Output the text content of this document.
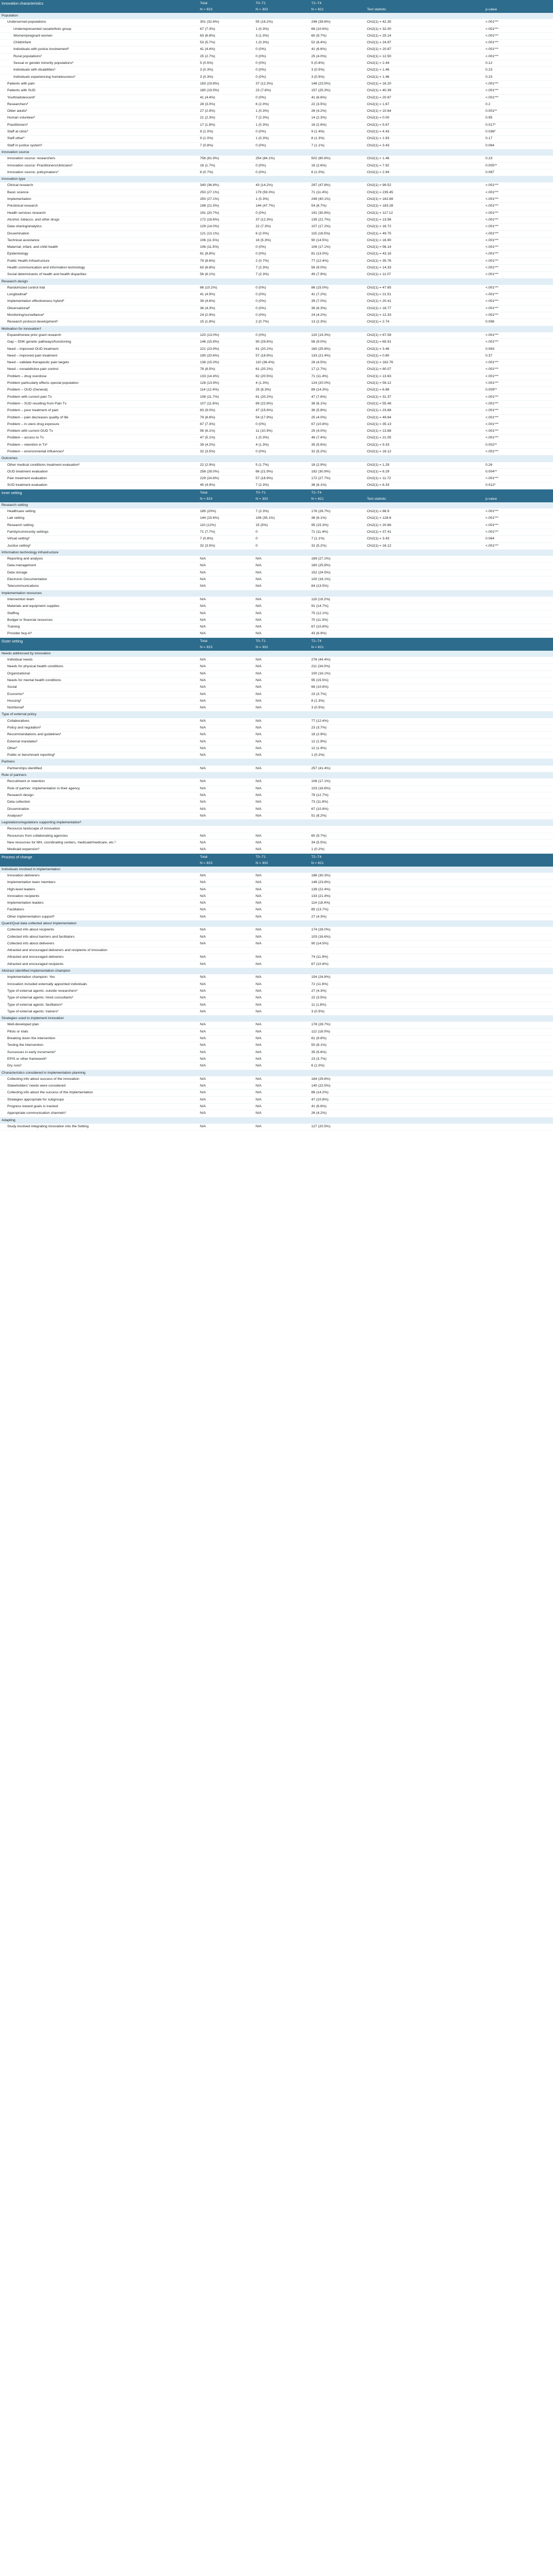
Innovation characteristics	Total	T0–T1	T2–T4		
	N = 923	N = 302	N = 621	Test statistic	p-value
Population					
Underserved populations	301 (32.6%)	55 (18.2%)	246 (39.6%)	Chi2(1) = 42.35	<.001***
Underrepresented racial/ethnic group	67 (7.3%)	1 (0.3%)	66 (10.6%)	Chi2(1) = 32.00	<.001***
Women/pregnant women	63 (6.8%)	3 (1.0%)	60 (9.7%)	Chi2(1) = 25.14	<.001***
Child/infant	53 (5.7%)	1 (0.3%)	52 (8.4%)	Chi2(1) = 24.97	<.001***
Individuals with justice involvement¹	41 (4.4%)	0 (0%)	41 (6.6%)	Chi2(1) = 20.87	<.001***
Rural populations¹	25 (2.7%)	0 (0%)	25 (4.0%)	Chi2(1) = 12.50	<.001***
Sexual or gender minority populations¹	5 (0.5%)	0 (0%)	5 (0.8%)	Chi2(1) = 2.44	0.12
Individuals with disabilities¹	3 (0.3%)	0 (0%)	3 (0.5%)	Chi2(1) = 1.46	0.23
Individuals experiencing homelessness¹	3 (0.3%)	0 (0%)	3 (0.5%)	Chi2(1) = 1.46	0.23
Patients with pain	183 (19.8%)	37 (12.3%)	146 (23.5%)	Chi2(1) = 16.20	<.001***
Patients with SUD	180 (19.5%)	23 (7.6%)	157 (25.3%)	Chi2(1) = 40.39	<.001***
Youth/adolescent¹	41 (4.4%)	0 (0%)	41 (6.6%)	Chi2(1) = 20.87	<.001***
Researchers¹	28 (3.0%)	6 (2.0%)	22 (3.5%)	Chi2(1) = 1.67	0.2
Older adults¹	27 (2.9%)	1 (0.3%)	26 (4.2%)	Chi2(1) = 10.64	0.001**
Human volunteer¹	21 (2.3%)	7 (2.3%)	14 (2.3%)	Chi2(1) = 0.00	0.95
Practitioners¹	17 (1.8%)	1 (0.3%)	16 (2.6%)	Chi2(1) = 5.67	0.017*
Staff at clinic¹	9 (1.0%)	0 (0%)	9 (1.4%)	Chi2(1) = 4.43	0.036*
Staff other¹	9 (1.0%)	1 (0.3%)	8 (1.3%)	Chi2(1) = 1.93	0.17
Staff in justice system¹	7 (0.8%)	0 (0%)	7 (1.1%)	Chi2(1) = 3.43	0.064
Innovation source					
Innovation source: researchers	756 (81.9%)	254 (84.1%)	502 (80.8%)	Chi2(1) = 1.46	0.23
Innovation source: Practitioners/clinicians¹	16 (1.7%)	0 (0%)	16 (2.6%)	Chi2(1) = 7.92	0.005**
Innovation source: policymakers¹	6 (0.7%)	0 (0%)	6 (1.0%)	Chi2(1) = 2.94	0.087
Innovation type					
Clinical research	340 (36.8%)	43 (14.2%)	297 (47.8%)	Chi2(1) = 99.52	<.001***
Basic science	250 (27.1%)	179 (59.3%)	71 (11.4%)	Chi2(1) = 235.45	<.001***
Implementation	250 (27.1%)	1 (0.3%)	249 (40.1%)	Chi2(1) = 162.69	<.001***
Preclinical research	198 (21.5%)	144 (47.7%)	54 (8.7%)	Chi2(1) = 183.28	<.001***
Health services research	191 (20.7%)	0 (0%)	191 (30.8%)	Chi2(1) = 117.12	<.001***
Alcohol, tobacco, and other drugs	172 (18.6%)	37 (12.3%)	135 (21.7%)	Chi2(1) = 13.56	<.001***
Data sharing/analytics	129 (14.0%)	22 (7.3%)	107 (17.2%)	Chi2(1) = 16.72	<.001***
Dissemination	121 (13.1%)	6 (2.0%)	115 (18.5%)	Chi2(1) = 49.75	<.001***
Technical assistance	106 (11.5%)	16 (5.3%)	90 (14.5%)	Chi2(1) = 16.90	<.001***
Maternal, infant, and child health	106 (11.5%)	0 (0%)	106 (17.1%)	Chi2(1) = 56.14	<.001***
Epidemiology	81 (8.8%)	0 (0%)	81 (13.0%)	Chi2(1) = 43.16	<.001***
Public Health Infrastructure	79 (8.6%)	2 (0.7%)	77 (12.4%)	Chi2(1) = 35.76	<.001***
Health communication and information technology	63 (6.8%)	7 (2.3%)	56 (9.0%)	Chi2(1) = 14.33	<.001***
Social determinants of health and health disparities	56 (6.1%)	7 (2.3%)	49 (7.9%)	Chi2(1) = 11.07	<.001***
Research design					
Randomized control trial	86 (10.2%)	0 (0%)	86 (15.0%)	Chi2(1) = 47.65	<.001***
Longitudinal¹	41 (4.9%)	0 (0%)	41 (7.2%)	Chi2(1) = 21.51	<.001***
Implementation effectiveness hybrid¹	39 (4.6%)	0 (0%)	39 (7.0%)	Chi2(1) = 20.41	<.001***
Observational¹	36 (4.3%)	0 (0%)	36 (6.3%)	Chi2(1) = 18.77	<.001***
Monitoring/surveillance¹	24 (2.9%)	0 (0%)	24 (4.2%)	Chi2(1) = 12.33	<.001***
Research protocol development¹	15 (1.8%)	2 (0.7%)	13 (2.3%)	Chi2(1) = 2.74	0.098
Motivation for innovation†					
Expand/renew prior grant research	120 (13.0%)	0 (0%)	120 (19.3%)	Chi2(1) = 67.08	<.001***
Gap – DNK genetic pathways/functioning	146 (15.8%)	90 (29.8%)	56 (9.0%)	Chi2(1) = 65.91	<.001***
Need – improved OUD treatment	221 (23.9%)	61 (20.2%)	160 (25.8%)	Chi2(1) = 3.46	0.063
Need – improved pain treatment	190 (20.6%)	57 (18.9%)	133 (21.4%)	Chi2(1) = 0.80	0.37
Need – validate therapeutic pain targets	138 (15.0%)	110 (36.4%)	28 (4.5%)	Chi2(1) = 162.76	<.001***
Need – nonaddictive pain control	78 (8.5%)	61 (20.2%)	17 (2.7%)	Chi2(1) = 80.07	<.001***
Problem – drug overdose	133 (14.4%)	62 (20.5%)	71 (11.4%)	Chi2(1) = 13.63	<.001***
Problem particularly effects special population	128 (13.9%)	4 (1.3%)	124 (20.0%)	Chi2(1) = 59.12	<.001***
Problem – OUD (General)	114 (12.4%)	25 (8.3%)	89 (14.3%)	Chi2(1) = 6.88	0.009**
Problem with current pain Tx	108 (11.7%)	61 (20.2%)	47 (7.6%)	Chi2(1) = 31.37	<.001***
Problem – SUD resulting from Pain Tx	107 (11.6%)	69 (22.8%)	38 (6.1%)	Chi2(1) = 55.48	<.001***
Problem – poor treatment of pain	83 (9.0%)	47 (15.6%)	36 (5.8%)	Chi2(1) = 23.68	<.001***
Problem – pain decreases quality of life	79 (8.6%)	54 (17.9%)	25 (4.0%)	Chi2(1) = 49.64	<.001***
Problem – in utero drug exposure	67 (7.3%)	0 (0%)	67 (10.8%)	Chi2(1) = 35.13	<.001***
Problem with current OUD Tx	56 (6.1%)	11 (10.3%)	25 (4.0%)	Chi2(1) = 13.88	<.001***
Problem – access to Tx	47 (5.1%)	1 (0.3%)	46 (7.4%)	Chi2(1) = 21.05	<.001***
Problem – retention in Tx¹	39 (4.2%)	4 (1.3%)	35 (5.6%)	Chi2(1) = 9.33	0.002**
Problem – environmental influences¹	32 (3.5%)	0 (0%)	32 (5.2%)	Chi2(1) = 16.12	<.001***
Outcomes					
Other medical conditions treatment evaluation¹	22 (2.9%)	5 (1.7%)	18 (2.9%)	Chi2(1) = 1.29	0.26
OUD treatment evaluation	258 (28.0%)	66 (21.9%)	192 (30.9%)	Chi2(1) = 8.29	0.004**
Pain treatment evaluation	229 (24.8%)	57 (18.9%)	172 (27.7%)	Chi2(1) = 11.72	<.001***
SUD treatment evaluation	45 (4.9%)	7 (2.3%)	38 (6.1%)	Chi2(1) = 6.33	0.012*
Inner setting	Total	T0–T1	T2–T4		
	N = 923	N = 302	N = 621	Test statistic	p-value
Research setting					
Healthcare setting	185 (20%)	7 (2.3%)	178 (28.7%)	Chi2(1) = 88.9	<.001***
Lab setting	144 (15.6%)	106 (35.1%)	38 (6.1%)	Chi2(1) = 128.6	<.001***
Research setting	110 (12%)	15 (5%)	95 (15.3%)	Chi2(1) = 20.66	<.001***
Family/community settings	71 (7.7%)	0	71 (11.4%)	Chi2(1) = 37.41	<.001***
Virtual setting¹	7 (0.8%)	0	7 (1.1%)	Chi2(1) = 3.43	0.064
Justice setting¹	32 (3.5%)	0	32 (5.2%)	Chi2(1) = 16.12	<.001***
Information technology infrastructure					
Reporting and analysis	N/A	N/A	169 (27.2%)		
Data management	N/A	N/A	160 (25.8%)		
Data storage	N/A	N/A	152 (24.5%)		
Electronic Documentation	N/A	N/A	100 (16.1%)		
Telecommunications	N/A	N/A	84 (13.5%)		
Implementation resources					
Intervention team	N/A	N/A	119 (19.2%)		
Materials and equipment supplies	N/A	N/A	91 (14.7%)		
Staffing	N/A	N/A	75 (12.1%)		
Budget or financial resources	N/A	N/A	70 (11.3%)		
Training	N/A	N/A	67 (10.8%)		
Provider buy-in¹	N/A	N/A	43 (6.9%)		
Outer setting	Total	T0–T1	T2–T4		
	N = 923	N = 302	N = 621		
Needs addressed by innovation					
Individual needs	N/A	N/A	276 (44.4%)		
Needs for physical health conditions	N/A	N/A	211 (34.0%)		
Organizational	N/A	N/A	100 (16.1%)		
Needs for mental health conditions	N/A	N/A	95 (15.5%)		
Social	N/A	N/A	66 (10.6%)		
Economic¹	N/A	N/A	23 (3.7%)		
Housing¹	N/A	N/A	8 (1.3%)		
Nutritional¹	N/A	N/A	3 (0.5%)		
Type of external policy					
Collaboratives	N/A	N/A	77 (12.4%)		
Policy and regulation¹	N/A	N/A	23 (3.7%)		
Recommendations and guidelines¹	N/A	N/A	18 (2.9%)		
External mandates¹	N/A	N/A	12 (1.9%)		
Other¹	N/A	N/A	12 (1.9%)		
Public or benchmark reporting¹	N/A	N/A	1 (0.2%)		
Partners					
Partnerships identified	N/A	N/A	257 (41.4%)		
Role of partners					
Recruitment or retention	N/A	N/A	106 (17.1%)		
Role of partner: implementation in their agency	N/A	N/A	103 (16.6%)		
Research design	N/A	N/A	79 (12.7%)		
Data collection	N/A	N/A	73 (11.8%)		
Dissemination	N/A	N/A	67 (10.8%)		
Analyses¹	N/A	N/A	51 (8.2%)		
Legislations/regulations supporting implementation¹					
Resource landscape of innovation					
Resources from collaborating agencies	N/A	N/A	60 (9.7%)		
New resources for MH, coordinating centers, medicaid/medicare, etc.¹	N/A	N/A	34 (5.5%)		
Medicaid expansion¹	N/A	N/A	1 (0.2%)		
Process of change	Total	T0–T1	T2–T4		
	N = 923	N = 302	N = 621		
Individuals involved in implementation					
Innovation deliverers	N/A	N/A	186 (30.3%)		
Implementation team members	N/A	N/A	148 (23.8%)		
High-level leaders	N/A	N/A	139 (22.4%)		
Innovation recipients	N/A	N/A	133 (21.4%)		
Implementation leaders	N/A	N/A	114 (18.4%)		
Facilitators	N/A	N/A	85 (13.7%)		
Other implementation support¹	N/A	N/A	27 (4.3%)		
Quant/Qual data collected about implementation					
Collected info about recipients	N/A	N/A	174 (28.0%)		
Collected info about barriers and facilitators	N/A	N/A	103 (16.6%)		
Collected info about deliverers	N/A	N/A	90 (14.5%)		
Attracted and encouraged deliverers and recipients of innovation					
Attracted and encouraged deliverers	N/A	N/A	74 (11.9%)		
Attracted and encouraged recipients	N/A	N/A	67 (10.8%)		
Abstract identified implementation champion					
Implementation champion: Yes	N/A	N/A	154 (24.8%)		
Innovation included externally appointed individuals	N/A	N/A	72 (11.6%)		
Type of external agents: outside researchers¹	N/A	N/A	27 (4.3%)		
Type of external agents: hired consultants¹	N/A	N/A	22 (3.5%)		
Type of external agents: facilitators¹	N/A	N/A	11 (1.8%)		
Type of external agents: trainers¹	N/A	N/A	3 (0.5%)		
Strategies used to implement innovation					
Well-developed plan	N/A	N/A	178 (28.7%)		
Pilots or trials	N/A	N/A	112 (18.0%)		
Breaking down the intervention	N/A	N/A	61 (9.8%)		
Testing the intervention	N/A	N/A	50 (8.1%)		
Successes in early increments¹	N/A	N/A	35 (5.6%)		
EPIS or other framework¹	N/A	N/A	23 (3.7%)		
Dry runs¹	N/A	N/A	6 (1.0%)		
Characteristics considered in implementation planning					
Collecting info about success of the innovation	N/A	N/A	184 (29.6%)		
Stakeholders' needs were considered	N/A	N/A	140 (22.5%)		
Collecting info about the success of the implementation	N/A	N/A	88 (14.2%)		
Strategies appropriate for subgroups	N/A	N/A	47 (10.8%)		
Progress toward goals is tracked	N/A	N/A	41 (6.6%)		
Appropriate communication channels¹	N/A	N/A	26 (4.2%)		
Adapting					
Study involved integrating innovation into the Setting	N/A	N/A	127 (20.5%)		
